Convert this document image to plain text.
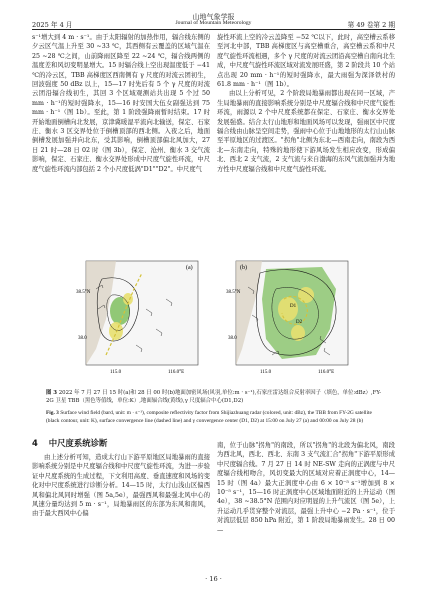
山地气象学报
Journal of Mountain Meteorology
2025 年 4 月	第 49 卷第 2 期

s⁻¹增大到 4 m · s⁻¹。由于太阳辐射的加热作用，辐合线东侧的夕云区气温上升至 30 ~33 ℃，其西侧有云覆盖的区域气温在 25 ~28 ℃之间，山前降雨区降至 22 ~24 ℃，辐合线两侧的温度差和风切变明显增大。15 时辐合线上空出现温度低于 −41 ℃的冷云区，TBB 高梯度区西南侧有 γ 尺度的对流云团初生，回波强度 50 dBz 以上，15—17 时先后有 5 个 γ 尺度的对流云团沿辐合线初生，其回 3 个区域观测站共出现 5 个过 50 mm · h⁻¹的短时强降水，15—16 时安国大伍女副强达到 75 mm · h⁻¹（图 1b）。至此，第 1 阶段强降雨暂时结束。17 时开始地面倒槽向北发展，京津冀暖湿平流向北输送，保定、石家庄、衡水 3 区交界处位于倒槽顶部的西北侧。入夜之后，地面倒槽发展加强并向北东，受其影响，倒槽顶部偏北风加大，27 日 21 时—28 日 02 时（图 3b），保定、沧州、衡水 3 交气流影响，保定、石家庄、衡水交界处形成中尺度气旋性环流，中尺度气旋性环流内部包括 2 个小尺度低涡"D1""D2"。中尺度气

旋性环流上空的冷云盖降至 −52 ℃以下，此时，高空槽云系移至河北中部，TBB 高梯度区与高空槽重合，高空槽云系和中尺度气旋性环流相遇，多个 γ 尺度的对流云团沿高空槽自南向北生成，中尺度气旋性环流区域对流发展旺盛，第 2 阶段共 10 个站点出现 20 mm · h⁻¹的短时强降水，最大雨强为深泽铁村的 61.8 mm · h⁻¹（图 1b）。

由以上分析可见，2 个阶段局地暴雨都出现在同一区域，产生局地暴雨的直接影响系统分别是中尺度辐合线和中尺度气旋性环流，雨源以 2 个中尺度系统都在保定、石家庄、衡水交界处发展强盛。结合太行山地形和地面风场可以发现，强雨区中尺度辐合线由山脉呈空间走势，强雨中心位于山地地形的太行山山脉至平原地区的过渡区。"拐角"北侧为东北—西南走向，南段为西北—东南走向，特殊的地形使下游风场发生相应改变，形成偏北、西北 2 支气流，2 支气流与来自渤海的东风气流加强并为地方性中尺度辐合线和中尺度气旋性环流。

(a)
38.5°N
38.0
115.0	116.0°E
D1
D2
(b)
38.5°N
38.0
115.0	116.0°E
图 3 2022 年 7 月 27 日 15 时(a)和 28 日 00 时(b)地面加密风场(风羽,单位:m · s⁻¹),石家庄雷达组合反射率因子（填色，单位:dBz）,FY-2G 卫星 TBB（黑色等值线，单位:K）,地面辐合线(黄线),γ 尺度辐合中心(D1,D2)
Fig. 3 Surface wind field (bard, unit: m · s⁻¹), composite reflectivity factor from Shijiazhuang radar (colored, unit: dBz), the TBB from FY-2G satellite (black contour, unit: K), surface convergence line (dashed line) and γ convergence center (D1, D2) at 15:00 on July 27 (a) and 00:00 on July 28 (b)
4 中尺度系统诊断

由上述分析可知，造成太行山下游平原地区局地暴雨的直接影响系统分别是中尺度辐合线和中尺度气旋性环流，为进一步验证中尺度系统的生成过程，下文利用高度、垂直速度和风场的变化对中尺度系统进行诊断分析。14—15 时，太行山浅山区偏西风和偏北风同时增强（图 5a,5e），最强西风和最强北风中心的风速分量均达到 5 m · s⁻¹，局地暴雨区的东部为东风和南风，由于最大西风中心偏

南，位于山脉"拐角"的南段，所以"拐角"的北段为偏北风，南段为西北风，西北、西北、东南 3 支气流汇合"拐角"下游平原形成中尺度辐合线。7 月 27 日 14 时 NE-SW 走向的正涡度与中尺度辐合线相吻合，风切变最大的区域对应着正涡度中心，14—15 时（图 4a）最大正涡度中心由 6 × 10⁻⁵ s⁻¹增加到 8 × 10⁻⁵ s⁻¹，15—16 时正涡度中心区域地面附近的上升运动（图 4e），38 ~38.5°N 范围内对应明显的上升气流区（图 5e），上升运动几乎贯穿整个对流层，最强上升中心 −2 Pa · s⁻¹，位于对流层低层 850 hPa 附近，第 1 阶段局地暴雨发生。28 日 00—

· 16 ·
